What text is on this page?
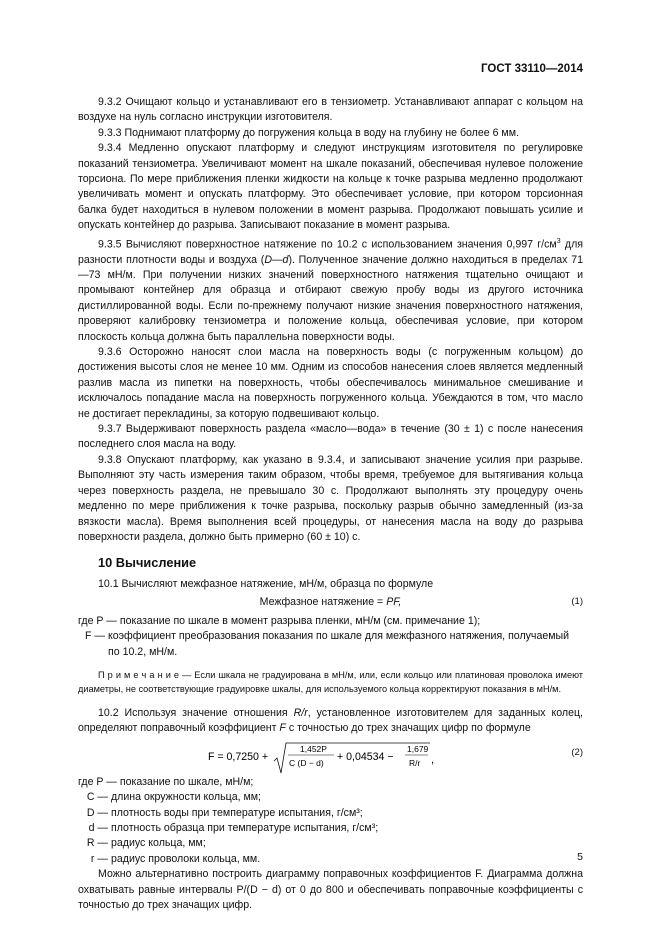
ГОСТ 33110—2014

9.3.2 Очищают кольцо и устанавливают его в тензиометр. Устанавливают аппарат с кольцом на воздухе на нуль согласно инструкции изготовителя.

9.3.3 Поднимают платформу до погружения кольца в воду на глубину не более 6 мм.

9.3.4 Медленно опускают платформу и следуют инструкциям изготовителя по регулировке показаний тензиометра. Увеличивают момент на шкале показаний, обеспечивая нулевое положение торсиона. По мере приближения пленки жидкости на кольце к точке разрыва медленно продолжают увеличивать момент и опускать платформу. Это обеспечивает условие, при котором торсионная балка будет находиться в нулевом положении в момент разрыва. Продолжают повышать усилие и опускать контейнер до разрыва. Записывают показание в момент разрыва.

9.3.5 Вычисляют поверхностное натяжение по 10.2 с использованием значения 0,997 $г/см^3$ для разности плотности воды и воздуха (D—d). Полученное значение должно находиться в пределах 71—73 мН/м. При получении низких значений поверхностного натяжения тщательно очищают и промывают контейнер для образца и отбирают свежую пробу воды из другого источника дистиллированной воды. Если по-прежнему получают низкие значения поверхностного натяжения, проверяют калибровку тензиометра и положение кольца, обеспечивая условие, при котором плоскость кольца должна быть параллельна поверхности воды.

9.3.6 Осторожно наносят слои масла на поверхность воды (с погруженным кольцом) до достижения высоты слоя не менее 10 мм. Одним из способов нанесения слоев является медленный разлив масла из пипетки на поверхность, чтобы обеспечивалось минимальное смешивание и исключалось попадание масла на поверхность погруженного кольца. Убеждаются в том, что масло не достигает перекладины, за которую подвешивают кольцо.

9.3.7 Выдерживают поверхность раздела «масло—вода» в течение (30 ± 1) с после нанесения последнего слоя масла на воду.

9.3.8 Опускают платформу, как указано в 9.3.4, и записывают значение усилия при разрыве. Выполняют эту часть измерения таким образом, чтобы время, требуемое для вытягивания кольца через поверхность раздела, не превышало 30 с. Продолжают выполнять эту процедуру очень медленно по мере приближения к точке разрыва, поскольку разрыв обычно замедленный (из-за вязкости масла). Время выполнения всей процедуры, от нанесения масла на воду до разрыва поверхности раздела, должно быть примерно (60 ± 10) с.

10 Вычисление

10.1 Вычисляют межфазное натяжение, мН/м, образца по формуле

Межфазное натяжение = PF,	(1)
где P — показание по шкале в момент разрыва пленки, мН/м (см. примечание 1);
F — коэффициент преобразования показания по шкале для межфазного натяжения, получаемый по 10.2, мН/м.

П р и м е ч а н и е — Если шкала не градуирована в мН/м, или, если кольцо или платиновая проволока имеют диаметры, не соответствующие градуировке шкалы, для используемого кольца корректируют показания в мН/м.

10.2 Используя значение отношения R/r, установленное изготовителем для заданных колец, определяют поправочный коэффициент F с точностью до трех значащих цифр по формуле

F = 0,7250 +
1,452P
C (D − d) + 0,04534 −
1,679
R/r ,
(2)
где P — показание по шкале, мН/м;
C — длина окружности кольца, мм;
D — плотность воды при температуре испытания, г/см³;
d — плотность образца при температуре испытания, г/см³;
R — радиус кольца, мм;
r — радиус проволоки кольца, мм.

Можно альтернативно построить диаграмму поправочных коэффициентов F. Диаграмма должна охватывать равные интервалы P/(D − d) от 0 до 800 и обеспечивать поправочные коэффициенты с точностью до трех значащих цифр.

5
